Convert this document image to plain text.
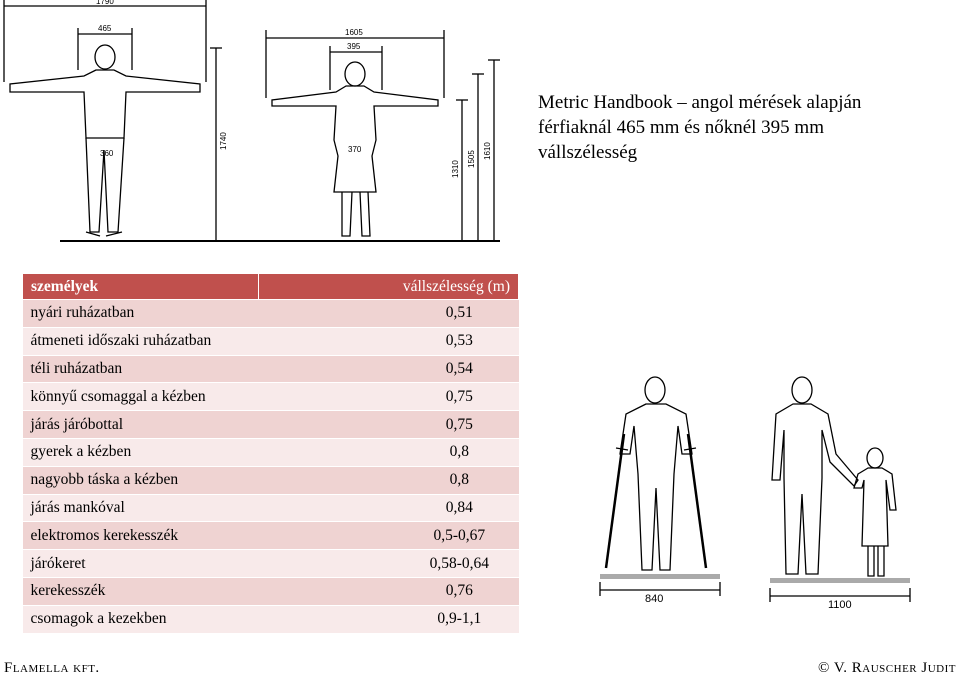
1790
465	1605
395
360
1740	370
1310
1505 1610
Metric Handbook – angol mérések alapján
férfiaknál 465 mm és nőknél 395 mm
vállszélesség
személyek	vállszélesség (m)
nyári ruházatban	0,51
átmeneti időszaki ruházatban	0,53
téli ruházatban	0,54
könnyű csomaggal a kézben	0,75
járás járóbottal	0,75
gyerek a kézben	0,8
nagyobb táska a kézben	0,8
járás mankóval	0,84
elektromos kerekesszék	0,5-0,67
járókeret	0,58-0,64
kerekesszék	0,76
csomagok a kezekben	0,9-1,1
840	1100
Flamella kft.	© V. Rauscher Judit
